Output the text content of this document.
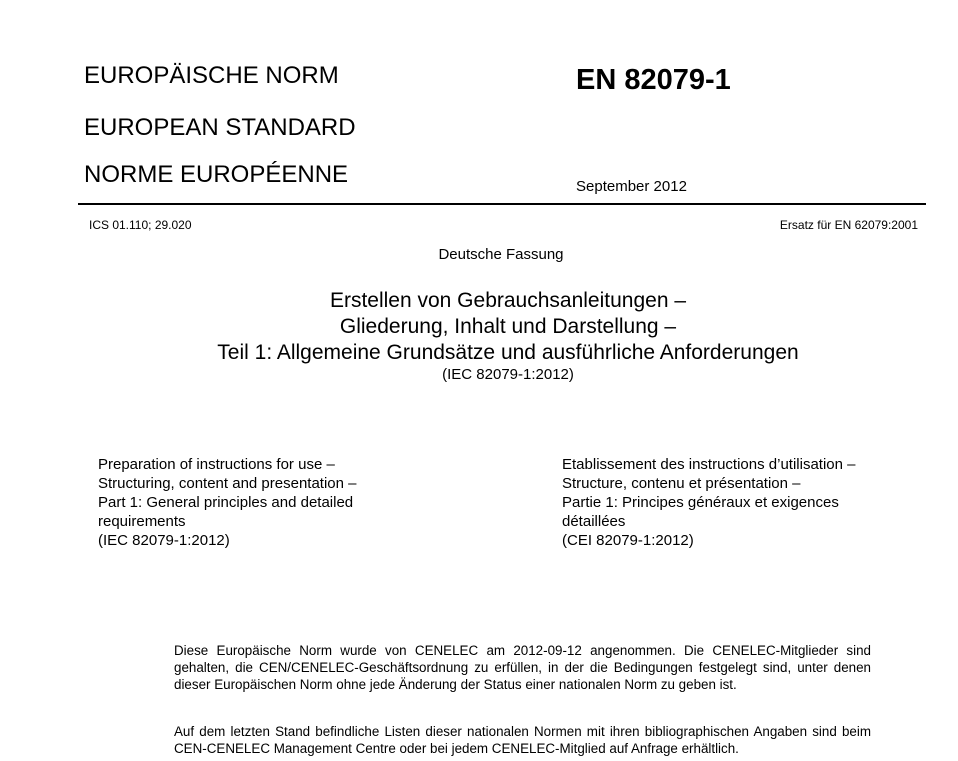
EUROPÄISCHE NORM
EUROPEAN STANDARD
NORME EUROPÉENNE
EN 82079-1
September 2012
ICS 01.110; 29.020	Ersatz für EN 62079:2001
Deutsche Fassung
Erstellen von Gebrauchsanleitungen –
Gliederung, Inhalt und Darstellung –
Teil 1: Allgemeine Grundsätze und ausführliche Anforderungen
(IEC 82079-1:2012)
Preparation of instructions for use –
Structuring, content and presentation –
Part 1: General principles and detailed
requirements
(IEC 82079-1:2012)
Etablissement des instructions d’utilisation –
Structure, contenu et présentation –
Partie 1: Principes généraux et exigences
détaillées
(CEI 82079-1:2012)

Diese Europäische Norm wurde von CENELEC am 2012-09-12 angenommen. Die CENELEC-Mitglieder sind gehalten, die CEN/CENELEC-Geschäftsordnung zu erfüllen, in der die Bedingungen festgelegt sind, unter denen dieser Europäischen Norm ohne jede Änderung der Status einer nationalen Norm zu geben ist.

Auf dem letzten Stand befindliche Listen dieser nationalen Normen mit ihren bibliographischen Angaben sind beim CEN-CENELEC Management Centre oder bei jedem CENELEC-Mitglied auf Anfrage erhältlich.
